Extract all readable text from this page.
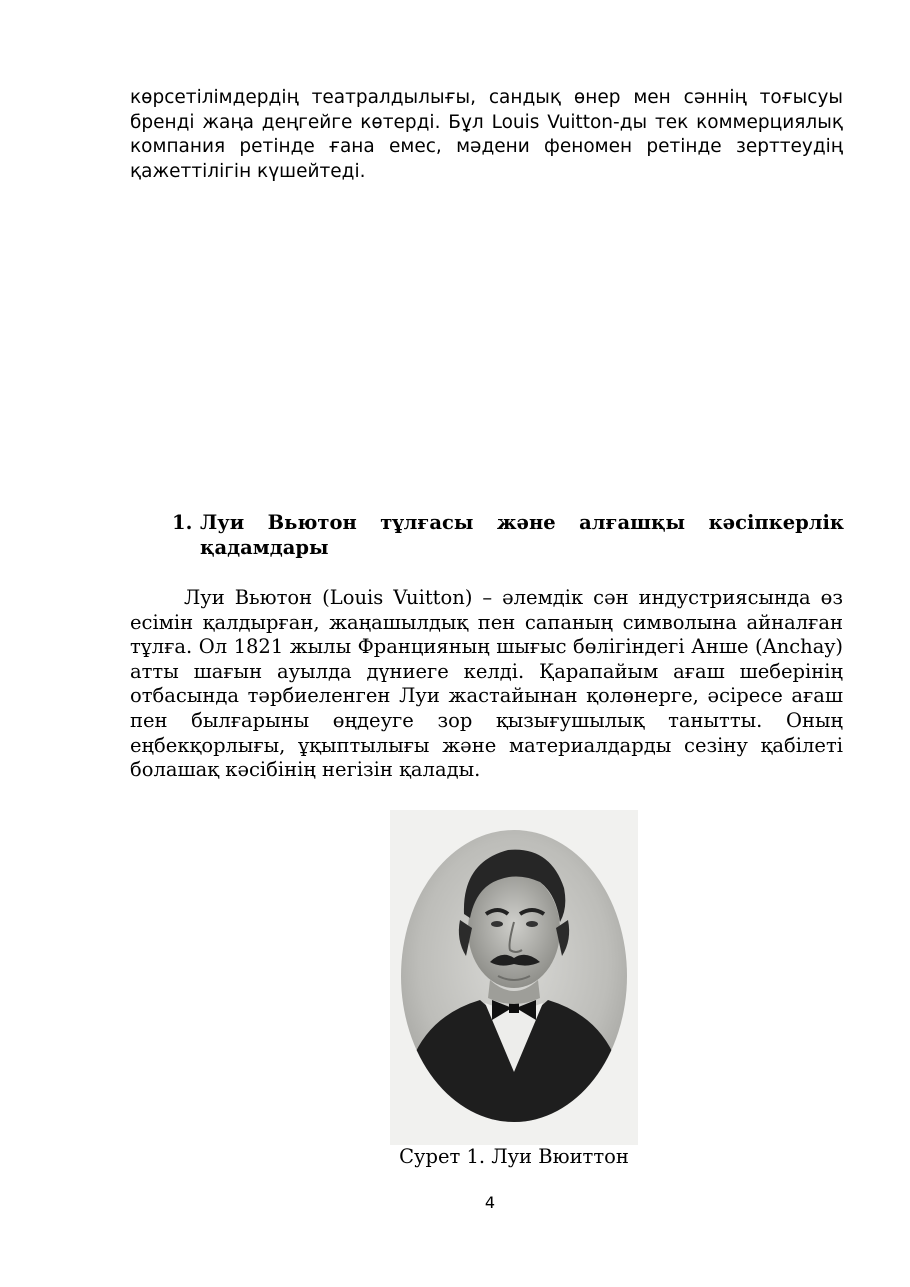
көрсетілімдердің театралдылығы, сандық өнер мен сәннің тоғысуы брендi жаңа деңгейге көтерді. Бұл Louis Vuitton-ды тек коммерциялық компания ретінде ғана емес, мәдени феномен ретінде зерттеудің қажеттілігін күшейтеді.

1. Луи Вьютон тұлғасы және алғашқы кәсіпкерлік қадамдары

Луи Вьютон (Louis Vuitton) – әлемдік сән индустриясында өз есімін қалдырған, жаңашылдық пен сапаның символына айналған тұлға. Ол 1821 жылы Францияның шығыс бөлігіндегі Анше (Anchay) атты шағын ауылда дүниеге келді. Қарапайым ағаш шеберінің отбасында тәрбиеленген Луи жастайынан қолөнерге, әсіресе ағаш пен былғарыны өңдеуге зор қызығушылық танытты. Оның еңбекқорлығы, ұқыптылығы және материалдарды сезіну қабілеті болашақ кәсібінің негізін қалады.

Сурет 1. Луи Вюиттон
4
